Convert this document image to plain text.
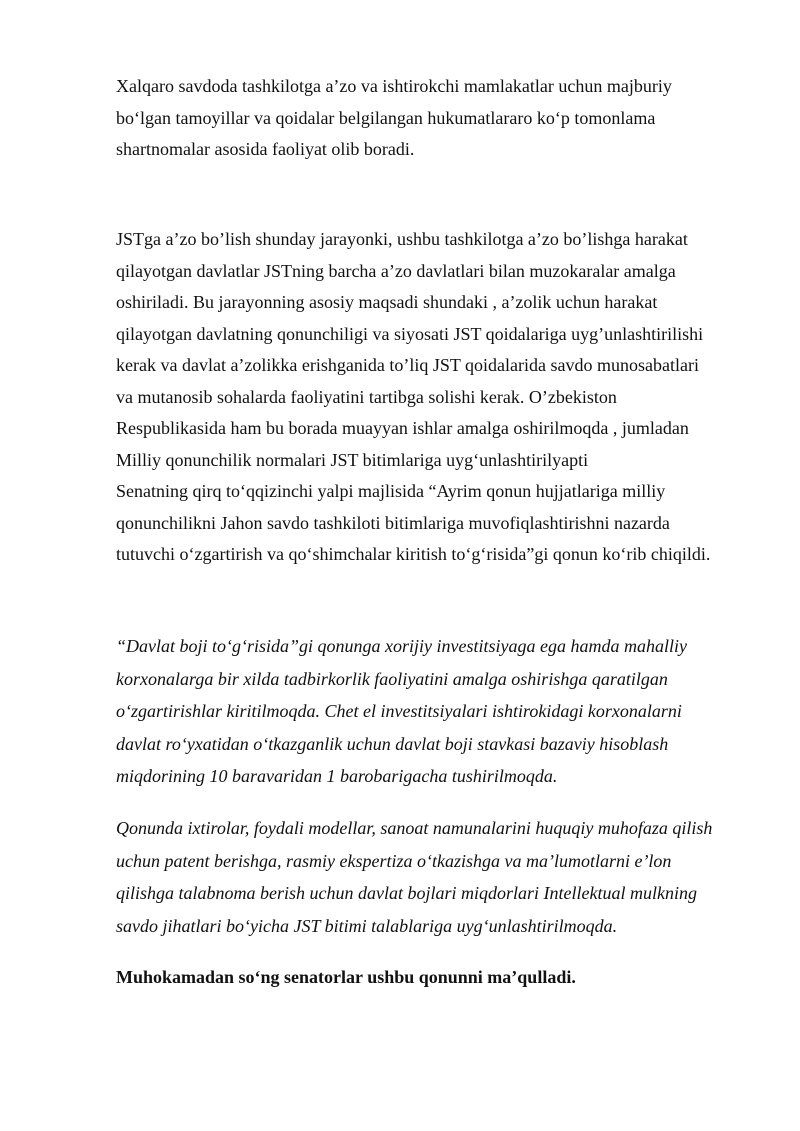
Xalqaro savdoda tashkilotga a’zo va ishtirokchi mamlakatlar uchun majburiy
bo‘lgan tamoyillar va qoidalar belgilangan hukumatlararo ko‘p tomonlama
shartnomalar asosida faoliyat olib boradi.

JSTga a’zo bo’lish shunday jarayonki, ushbu tashkilotga a’zo bo’lishga harakat
qilayotgan davlatlar JSTning barcha a’zo davlatlari bilan muzokaralar amalga
oshiriladi. Bu jarayonning asosiy maqsadi shundaki , a’zolik uchun harakat
qilayotgan davlatning qonunchiligi va siyosati JST qoidalariga uyg’unlashtirilishi
kerak va davlat a’zolikka erishganida to’liq JST qoidalarida savdo munosabatlari
va mutanosib sohalarda faoliyatini tartibga solishi kerak. O’zbekiston
Respublikasida ham bu borada muayyan ishlar amalga oshirilmoqda , jumladan
Milliy qonunchilik normalari JST bitimlariga uyg‘unlashtirilyapti
Senatning qirq to‘qqizinchi yalpi majlisida “Ayrim qonun hujjatlariga milliy
qonunchilikni Jahon savdo tashkiloti bitimlariga muvofiqlashtirishni nazarda
tutuvchi o‘zgartirish va qo‘shimchalar kiritish to‘g‘risida”gi qonun ko‘rib chiqildi.

“Davlat boji to‘g‘risida”gi qonunga xorijiy investitsiyaga ega hamda mahalliy
korxonalarga bir xilda tadbirkorlik faoliyatini amalga oshirishga qaratilgan
o‘zgartirishlar kiritilmoqda. Chet el investitsiyalari ishtirokidagi korxonalarni
davlat ro‘yxatidan o‘tkazganlik uchun davlat boji stavkasi bazaviy hisoblash
miqdorining 10 baravaridan 1 barobarigacha tushirilmoqda.

Qonunda ixtirolar, foydali modellar, sanoat namunalarini huquqiy muhofaza qilish
uchun patent berishga, rasmiy ekspertiza o‘tkazishga va ma’lumotlarni e’lon
qilishga talabnoma berish uchun davlat bojlari miqdorlari Intellektual mulkning
savdo jihatlari bo‘yicha JST bitimi talablariga uyg‘unlashtirilmoqda.

Muhokamadan so‘ng senatorlar ushbu qonunni ma’qulladi.
